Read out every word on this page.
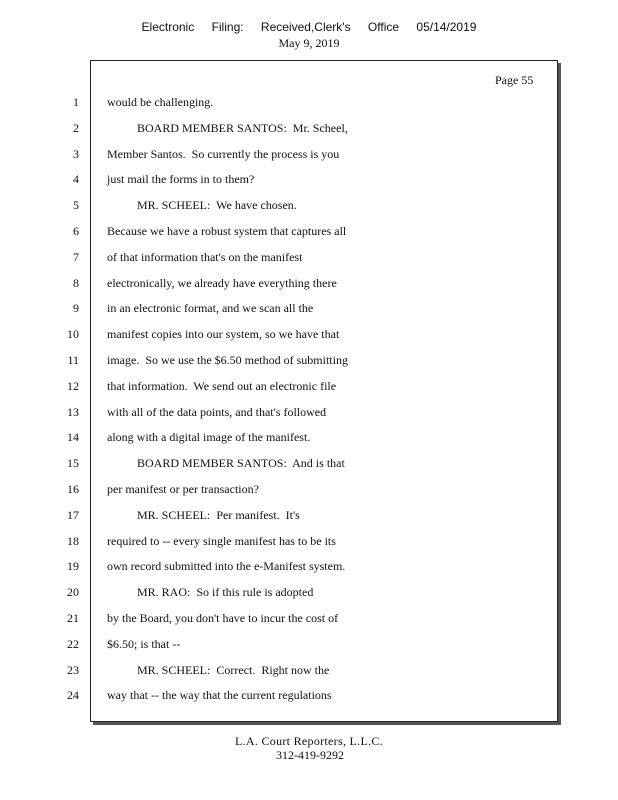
Electronic Filing: Received,Clerk's Office 05/14/2019
May 9, 2019
Page 55
1 would be challenging.
2 BOARD MEMBER SANTOS:  Mr. Scheel,
3 Member Santos.  So currently the process is you
4 just mail the forms in to them?
5 MR. SCHEEL:  We have chosen.
6 Because we have a robust system that captures all
7 of that information that's on the manifest
8 electronically, we already have everything there
9 in an electronic format, and we scan all the
10 manifest copies into our system, so we have that
11 image.  So we use the $6.50 method of submitting
12 that information.  We send out an electronic file
13 with all of the data points, and that's followed
14 along with a digital image of the manifest.
15 BOARD MEMBER SANTOS:  And is that
16 per manifest or per transaction?
17 MR. SCHEEL:  Per manifest.  It's
18 required to -- every single manifest has to be its
19 own record submitted into the e-Manifest system.
20 MR. RAO:  So if this rule is adopted
21 by the Board, you don't have to incur the cost of
22 $6.50; is that --
23 MR. SCHEEL:  Correct.  Right now the
24 way that -- the way that the current regulations
L.A. Court Reporters, L.L.C.
312-419-9292
